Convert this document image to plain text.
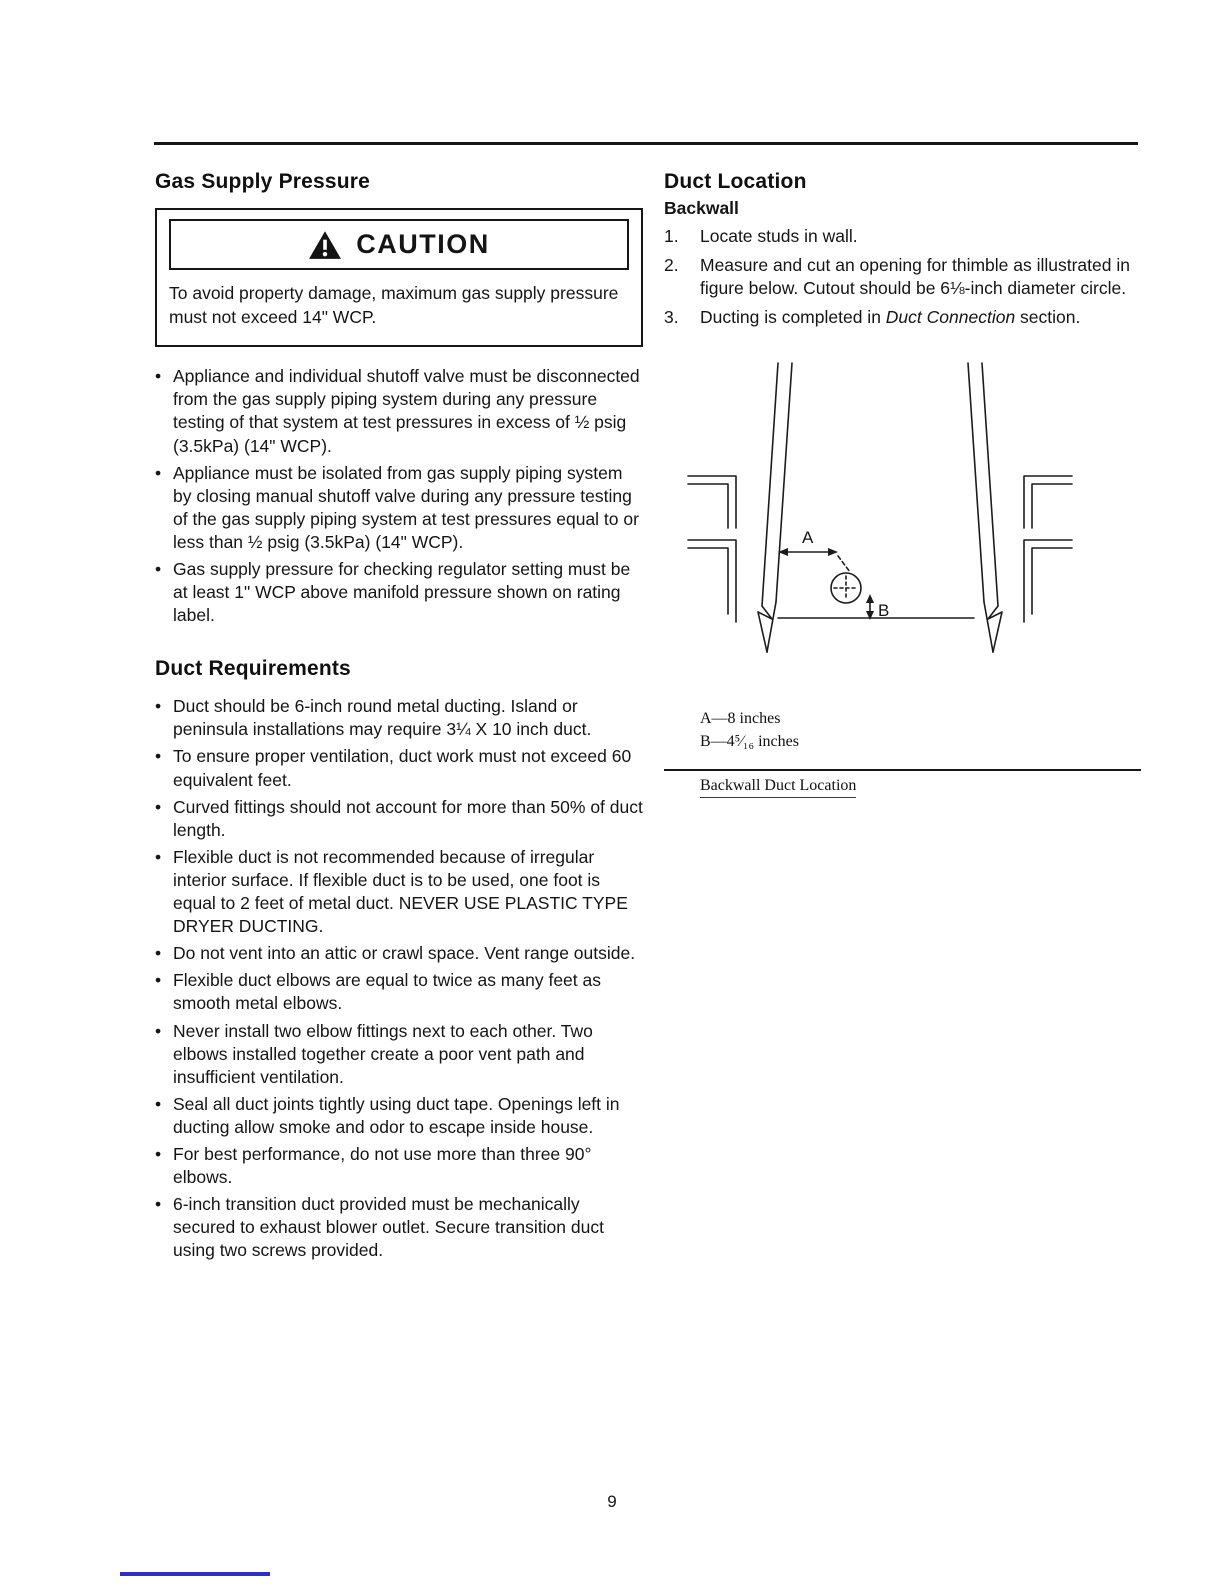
Gas Supply Pressure
CAUTION

To avoid property damage, maximum gas supply pressure must not exceed 14" WCP.

• Appliance and individual shutoff valve must be disconnected from the gas supply piping system during any pressure testing of that system at test pressures in excess of ½ psig (3.5kPa) (14" WCP).
• Appliance must be isolated from gas supply piping system by closing manual shutoff valve during any pressure testing of the gas supply piping system at test pressures equal to or less than ½ psig (3.5kPa) (14" WCP).
• Gas supply pressure for checking regulator setting must be at least 1" WCP above manifold pressure shown on rating label.
Duct Requirements
• Duct should be 6-inch round metal ducting. Island or peninsula installations may require 3¼ X 10 inch duct.
• To ensure proper ventilation, duct work must not exceed 60 equivalent feet.
• Curved fittings should not account for more than 50% of duct length.
• Flexible duct is not recommended because of irregular interior surface. If flexible duct is to be used, one foot is equal to 2 feet of metal duct. NEVER USE PLASTIC TYPE DRYER DUCTING.
• Do not vent into an attic or crawl space. Vent range outside.
• Flexible duct elbows are equal to twice as many feet as smooth metal elbows.
• Never install two elbow fittings next to each other. Two elbows installed together create a poor vent path and insufficient ventilation.
• Seal all duct joints tightly using duct tape. Openings left in ducting allow smoke and odor to escape inside house.
• For best performance, do not use more than three 90° elbows.
• 6-inch transition duct provided must be mechanically secured to exhaust blower outlet. Secure transition duct using two screws provided.
Duct Location
Backwall
1.	Locate studs in wall.
2.	Measure and cut an opening for thimble as illustrated in figure below. Cutout should be 6⅛-inch diameter circle.
3.	Ducting is completed in Duct Connection section.
A
B
A—8 inches
B—4⁵⁄₁₆ inches
Backwall Duct Location
9
